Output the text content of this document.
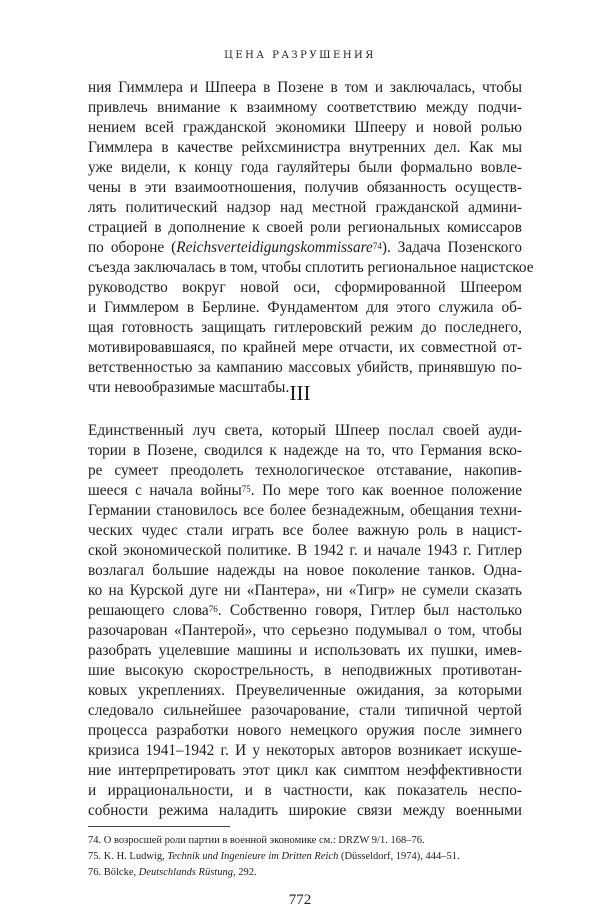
ЦЕНА РАЗРУШЕНИЯ
ния Гиммлера и Шпеера в Позене в том и заключалась, чтобы
привлечь внимание к взаимному соответствию между подчи-
нением всей гражданской экономики Шпееру и новой ролью
Гиммлера в качестве рейхсминистра внутренних дел. Как мы
уже видели, к концу года гауляйтеры были формально вовле-
чены в эти взаимоотношения, получив обязанность осуществ-
лять политический надзор над местной гражданской админи-
страцией в дополнение к своей роли региональных комиссаров
по обороне (Reichsverteidigungskommissare$^{74}$). Задача Позенского
съезда заключалась в том, чтобы сплотить региональное нацистское
руководство вокруг новой оси, сформированной Шпеером
и Гиммлером в Берлине. Фундаментом для этого служила об-
щая готовность защищать гитлеровский режим до последнего,
мотивировавшаяся, по крайней мере отчасти, их совместной от-
ветственностью за кампанию массовых убийств, принявшую по-
чти невообразимые масштабы. III
Единственный луч света, который Шпеер послал своей ауди-
тории в Позене, сводился к надежде на то, что Германия вско-
ре сумеет преодолеть технологическое отставание, накопив-
шееся с начала войны$^{75}$. По мере того как военное положение
Германии становилось все более безнадежным, обещания техни-
ческих чудес стали играть все более важную роль в нацист-
ской экономической политике. В 1942 г. и начале 1943 г. Гитлер
возлагал большие надежды на новое поколение танков. Одна-
ко на Курской дуге ни «Пантера», ни «Тигр» не сумели сказать
решающего слова$^{76}$. Собственно говоря, Гитлер был настолько
разочарован «Пантерой», что серьезно подумывал о том, чтобы
разобрать уцелевшие машины и использовать их пушки, имев-
шие высокую скорострельность, в неподвижных противотан-
ковых укреплениях. Преувеличенные ожидания, за которыми
следовало сильнейшее разочарование, стали типичной чертой
процесса разработки нового немецкого оружия после зимнего
кризиса 1941–1942 г. И у некоторых авторов возникает искуше-
ние интерпретировать этот цикл как симптом неэффективности
и иррациональности, и в частности, как показатель неспо-
собности режима наладить широкие связи между военными
74. О возросшей роли партии в военной экономике см.: DRZW 9/1. 168–76.
75. K. H. Ludwig, Technik und Ingenieure im Dritten Reich (Düsseldorf, 1974), 444–51.
76. Bölcke, Deutschlands Rüstung, 292.
772
